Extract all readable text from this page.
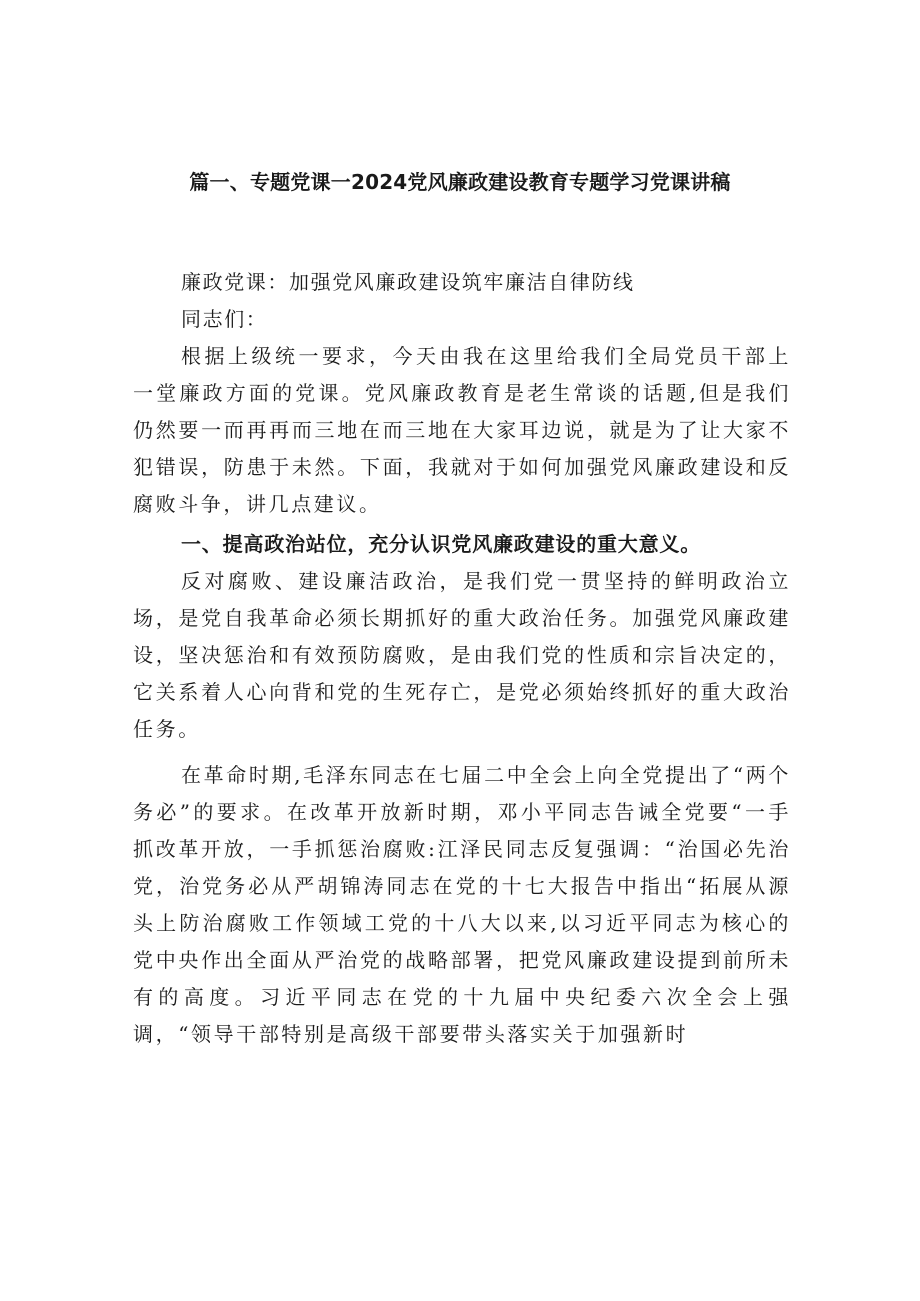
篇一、专题党课一2024党风廉政建设教育专题学习党课讲稿

廉政党课：加强党风廉政建设筑牢廉洁自律防线

同志们：

根据上级统一要求，今天由我在这里给我们全局党员干部上一堂廉政方面的党课。党风廉政教育是老生常谈的话题,但是我们仍然要一而再再而三地在而三地在大家耳边说，就是为了让大家不犯错误，防患于未然。下面，我就对于如何加强党风廉政建设和反腐败斗争，讲几点建议。

一、提高政治站位，充分认识党风廉政建设的重大意义。

反对腐败、建设廉洁政治，是我们党一贯坚持的鲜明政治立场，是党自我革命必须长期抓好的重大政治任务。加强党风廉政建设，坚决惩治和有效预防腐败，是由我们党的性质和宗旨决定的，它关系着人心向背和党的生死存亡，是党必须始终抓好的重大政治任务。

在革命时期,毛泽东同志在七届二中全会上向全党提出了“两个务必”的要求。在改革开放新时期，邓小平同志告诫全党要“一手抓改革开放，一手抓惩治腐败:江泽民同志反复强调：“治国必先治党，治党务必从严胡锦涛同志在党的十七大报告中指出“拓展从源头上防治腐败工作领域工党的十八大以来,以习近平同志为核心的党中央作出全面从严治党的战略部署，把党风廉政建设提到前所未有的高度。习近平同志在党的十九届中央纪委六次全会上强调，“领导干部特别是高级干部要带头落实关于加强新时
